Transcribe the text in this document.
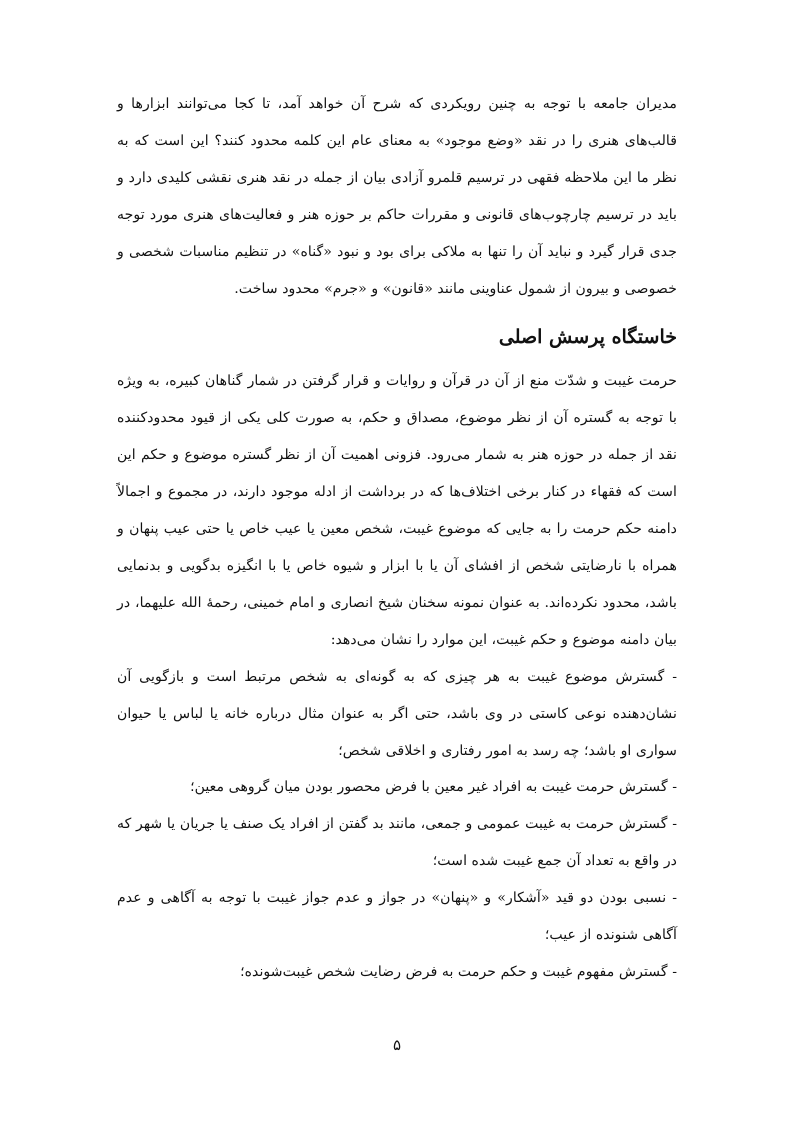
مدیران جامعه با توجه به چنین رویکردی که شرح آن خواهد آمد، تا کجا می‌توانند ابزارها و قالب‌های هنری را در نقد «وضع موجود» به معنای عام این کلمه محدود کنند؟ این است که به نظر ما این ملاحظه فقهی در ترسیم قلمرو آزادی بیان از جمله در نقد هنری نقشی کلیدی دارد و باید در ترسیم چارچوب‌های قانونی و مقررات حاکم بر حوزه هنر و فعالیت‌های هنری مورد توجه جدی قرار گیرد و نباید آن را تنها به ملاکی برای بود و نبود «گناه» در تنظیم مناسبات شخصی و خصوصی و بیرون از شمول عناوینی مانند «قانون» و «جرم» محدود ساخت.

خاستگاه پرسش اصلی

حرمت غیبت و شدّت منع از آن در قرآن و روایات و قرار گرفتن در شمار گناهان کبیره، به ویژه با توجه به گستره آن از نظر موضوع، مصداق و حکم، به صورت کلی یکی از قیود محدودکننده نقد از جمله در حوزه هنر به شمار می‌رود. فزونی اهمیت آن از نظر گستره موضوع و حکم این است که فقهاء در کنار برخی اختلاف‌ها که در برداشت از ادله موجود دارند، در مجموع و اجمالاً دامنه حکم حرمت را به جایی که موضوع غیبت، شخص معین یا عیب خاص یا حتی عیب پنهان و همراه با نارضایتی شخص از افشای آن یا با ابزار و شیوه خاص یا با انگیزه بدگویی و بدنمایی باشد، محدود نکرده‌اند. به عنوان نمونه سخنان شیخ انصاری و امام خمینی، رحمهٔ الله علیهما، در بیان دامنه موضوع و حکم غیبت، این موارد را نشان می‌دهد:

- گسترش موضوع غیبت به هر چیزی که به گونه‌ای به شخص مرتبط است و بازگویی آن نشان‌دهنده نوعی کاستی در وی باشد، حتی اگر به عنوان مثال درباره خانه یا لباس یا حیوان سواری او باشد؛ چه رسد به امور رفتاری و اخلاقی شخص؛

- گسترش حرمت غیبت به افراد غیر معین با فرض محصور بودن میان گروهی معین؛

- گسترش حرمت به غیبت عمومی و جمعی، مانند بد گفتن از افراد یک صنف یا جریان یا شهر که در واقع به تعداد آن جمع غیبت شده است؛

- نسبی بودن دو قید «آشکار» و «پنهان» در جواز و عدم جواز غیبت با توجه به آگاهی و عدم آگاهی شنونده از عیب؛

- گسترش مفهوم غیبت و حکم حرمت به فرض رضایت شخص غیبت‌شونده؛

۵
